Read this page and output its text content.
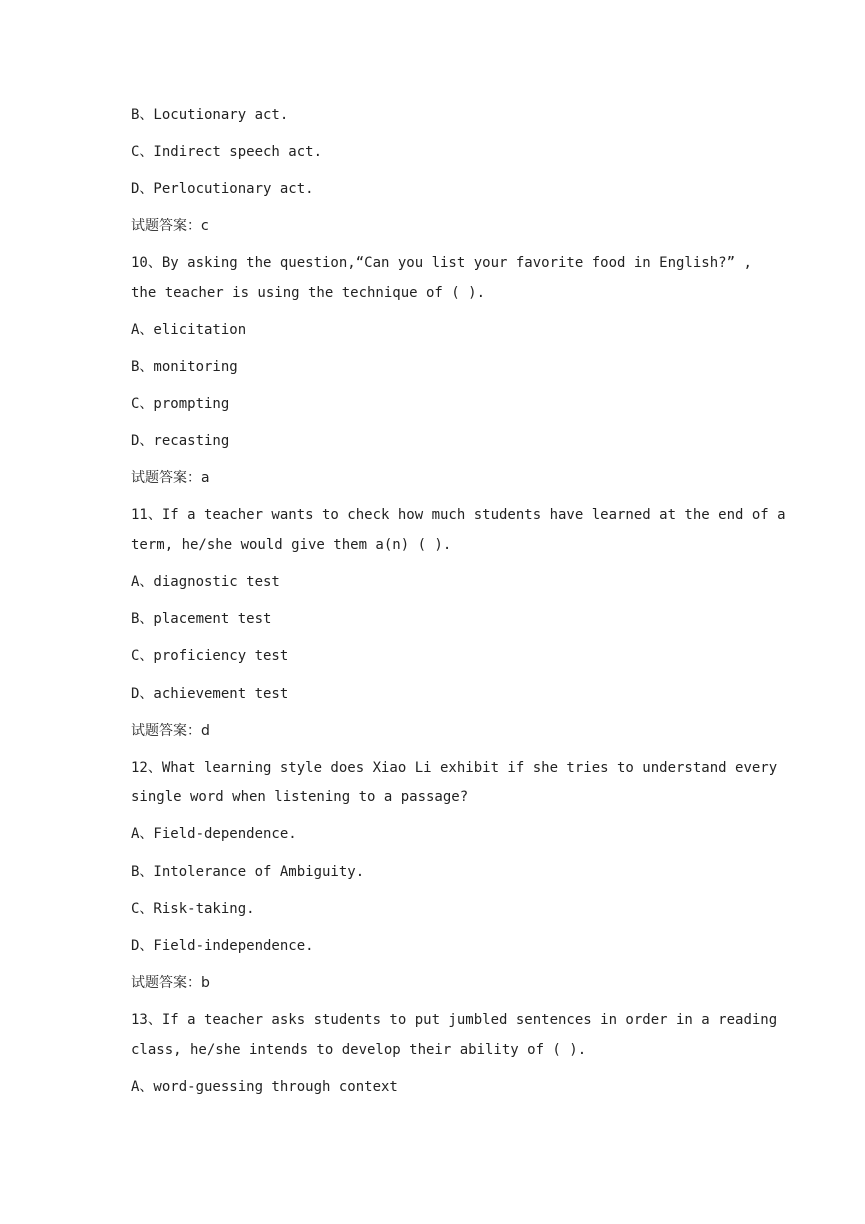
B、Locutionary act.
C、Indirect speech act.
D、Perlocutionary act.
试题答案：c
10、By asking the question,“Can you list your favorite food in English?” ,
the teacher is using the technique of ( ).
A、elicitation
B、monitoring
C、prompting
D、recasting
试题答案：a
11、If a teacher wants to check how much students have learned at the end of a
term, he/she would give them a(n) ( ).
A、diagnostic test
B、placement test
C、proficiency test
D、achievement test
试题答案：d
12、What learning style does Xiao Li exhibit if she tries to understand every
single word when listening to a passage?
A、Field-dependence.
B、Intolerance of Ambiguity.
C、Risk-taking.
D、Field-independence.
试题答案：b
13、If a teacher asks students to put jumbled sentences in order in a reading
class, he/she intends to develop their ability of ( ).
A、word-guessing through context
